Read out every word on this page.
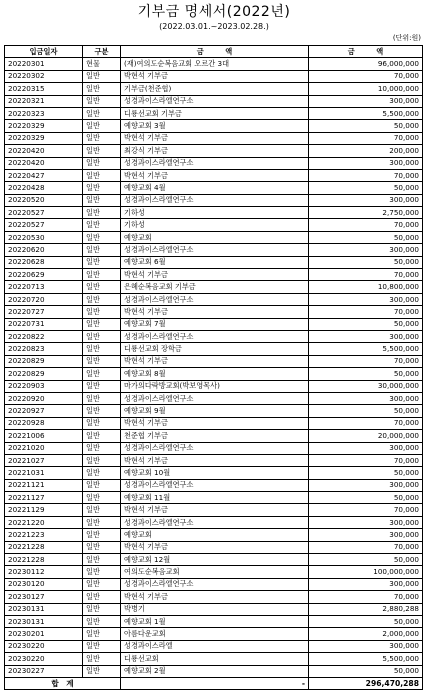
기부금 명세서(2022년)
(2022.03.01.~2023.02.28.)
(단위:원)
입금일자	구분	금　　　액	금　　　액
20220301	현물	(재)여의도순복음교회 오르간 3대	96,000,000
20220302	일반	박현석 기부금	70,000
20220315	일반	기부금(천준협)	10,000,000
20220321	일반	성경과이스라엘연구소	300,000
20220323	일반	디룡선교회 기부금	5,500,000
20220329	일반	예향교회 3월	50,000
20220329	일반	박현석 기부금	70,000
20220420	일반	최강식 기부금	200,000
20220420	일반	성경과이스라엘연구소	300,000
20220427	일반	박현석 기부금	70,000
20220428	일반	예향교회 4월	50,000
20220520	일반	성경과이스라엘연구소	300,000
20220527	일반	기하성	2,750,000
20220527	일반	기하성	70,000
20220530	일반	예향교회	50,000
20220620	일반	성경과이스라엘연구소	300,000
20220628	일반	예향교회 6월	50,000
20220629	일반	박현석 기부금	70,000
20220713	일반	은혜순복음교회 기부금	10,800,000
20220720	일반	성경과이스라엘연구소	300,000
20220727	일반	박현석 기부금	70,000
20220731	일반	예향교회 7월	50,000
20220822	일반	성경과이스라엘연구소	300,000
20220823	일반	디룡선교회 장학금	5,500,000
20220829	일반	박현석 기부금	70,000
20220829	일반	예향교회 8월	50,000
20220903	일반	마가의다락방교회(박보영목사)	30,000,000
20220920	일반	성경과이스라엘연구소	300,000
20220927	일반	예향교회 9월	50,000
20220928	일반	박현석 기부금	70,000
20221006	일반	천준협 기부금	20,000,000
20221020	일반	성경과이스라엘연구소	300,000
20221027	일반	박현석 기부금	70,000
20221031	일반	예향교회 10월	50,000
20221121	일반	성경과이스라엘연구소	300,000
20221127	일반	예향교회 11월	50,000
20221129	일반	박현석 기부금	70,000
20221220	일반	성경과이스라엘연구소	300,000
20221223	일반	예향교회	300,000
20221228	일반	박현석 기부금	70,000
20221228	일반	예향교회 12월	50,000
20230112	일반	여의도순복음교회	100,000,000
20230120	일반	성경과이스라엘연구소	300,000
20230127	일반	박현석 기부금	70,000
20230131	일반	박병기	2,880,288
20230131	일반	예향교회 1월	50,000
20230201	일반	아름다운교회	2,000,000
20230220	일반	성경과이스라엘	300,000
20230220	일반	디룡선교회	5,500,000
20230227	일반	예향교회 2월	50,000
합　계		-	296,470,288
